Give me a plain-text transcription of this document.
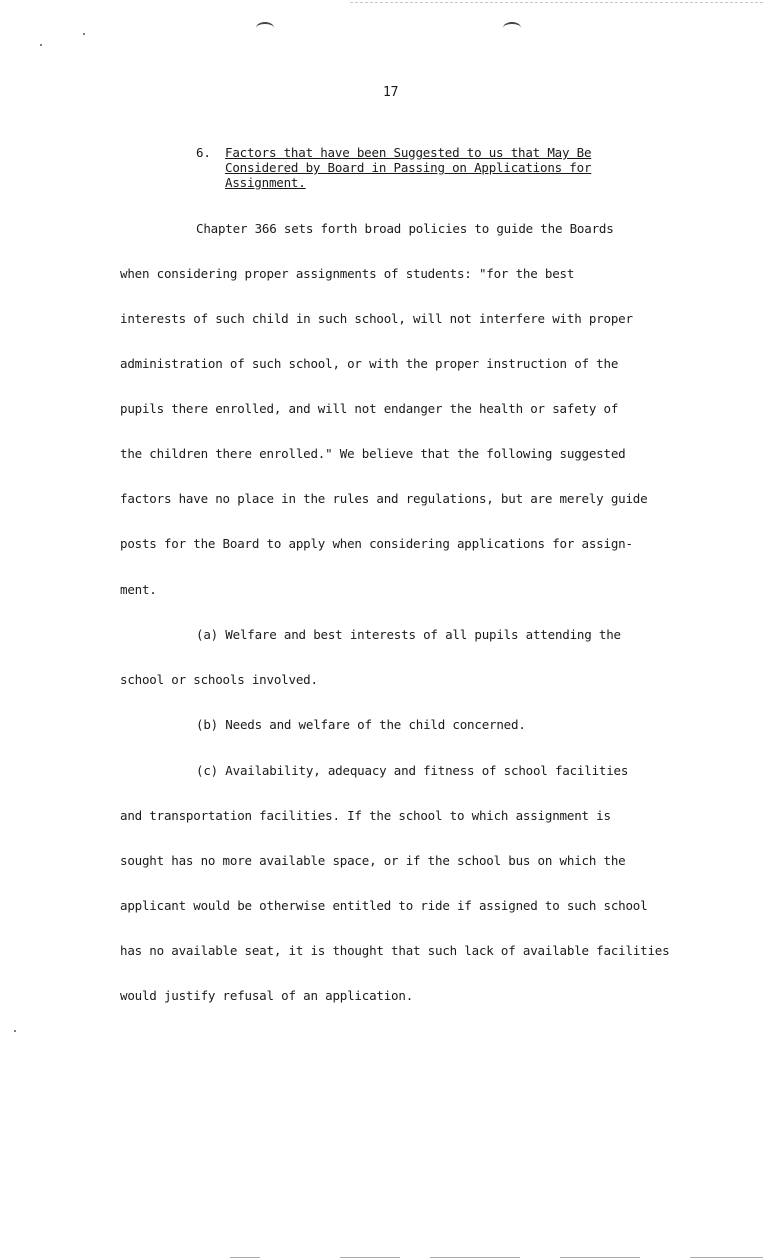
17
6. Factors that have been Suggested to us that May Be
Considered by Board in Passing on Applications for
Assignment.
Chapter 366 sets forth broad policies to guide the Boards
when considering proper assignments of students: "for the best
interests of such child in such school, will not interfere with proper
administration of such school, or with the proper instruction of the
pupils there enrolled, and will not endanger the health or safety of
the children there enrolled." We believe that the following suggested
factors have no place in the rules and regulations, but are merely guide
posts for the Board to apply when considering applications for assign-
ment.
(a) Welfare and best interests of all pupils attending the
school or schools involved.
(b) Needs and welfare of the child concerned.
(c) Availability, adequacy and fitness of school facilities
and transportation facilities. If the school to which assignment is
sought has no more available space, or if the school bus on which the
applicant would be otherwise entitled to ride if assigned to such school
has no available seat, it is thought that such lack of available facilities
would justify refusal of an application.
